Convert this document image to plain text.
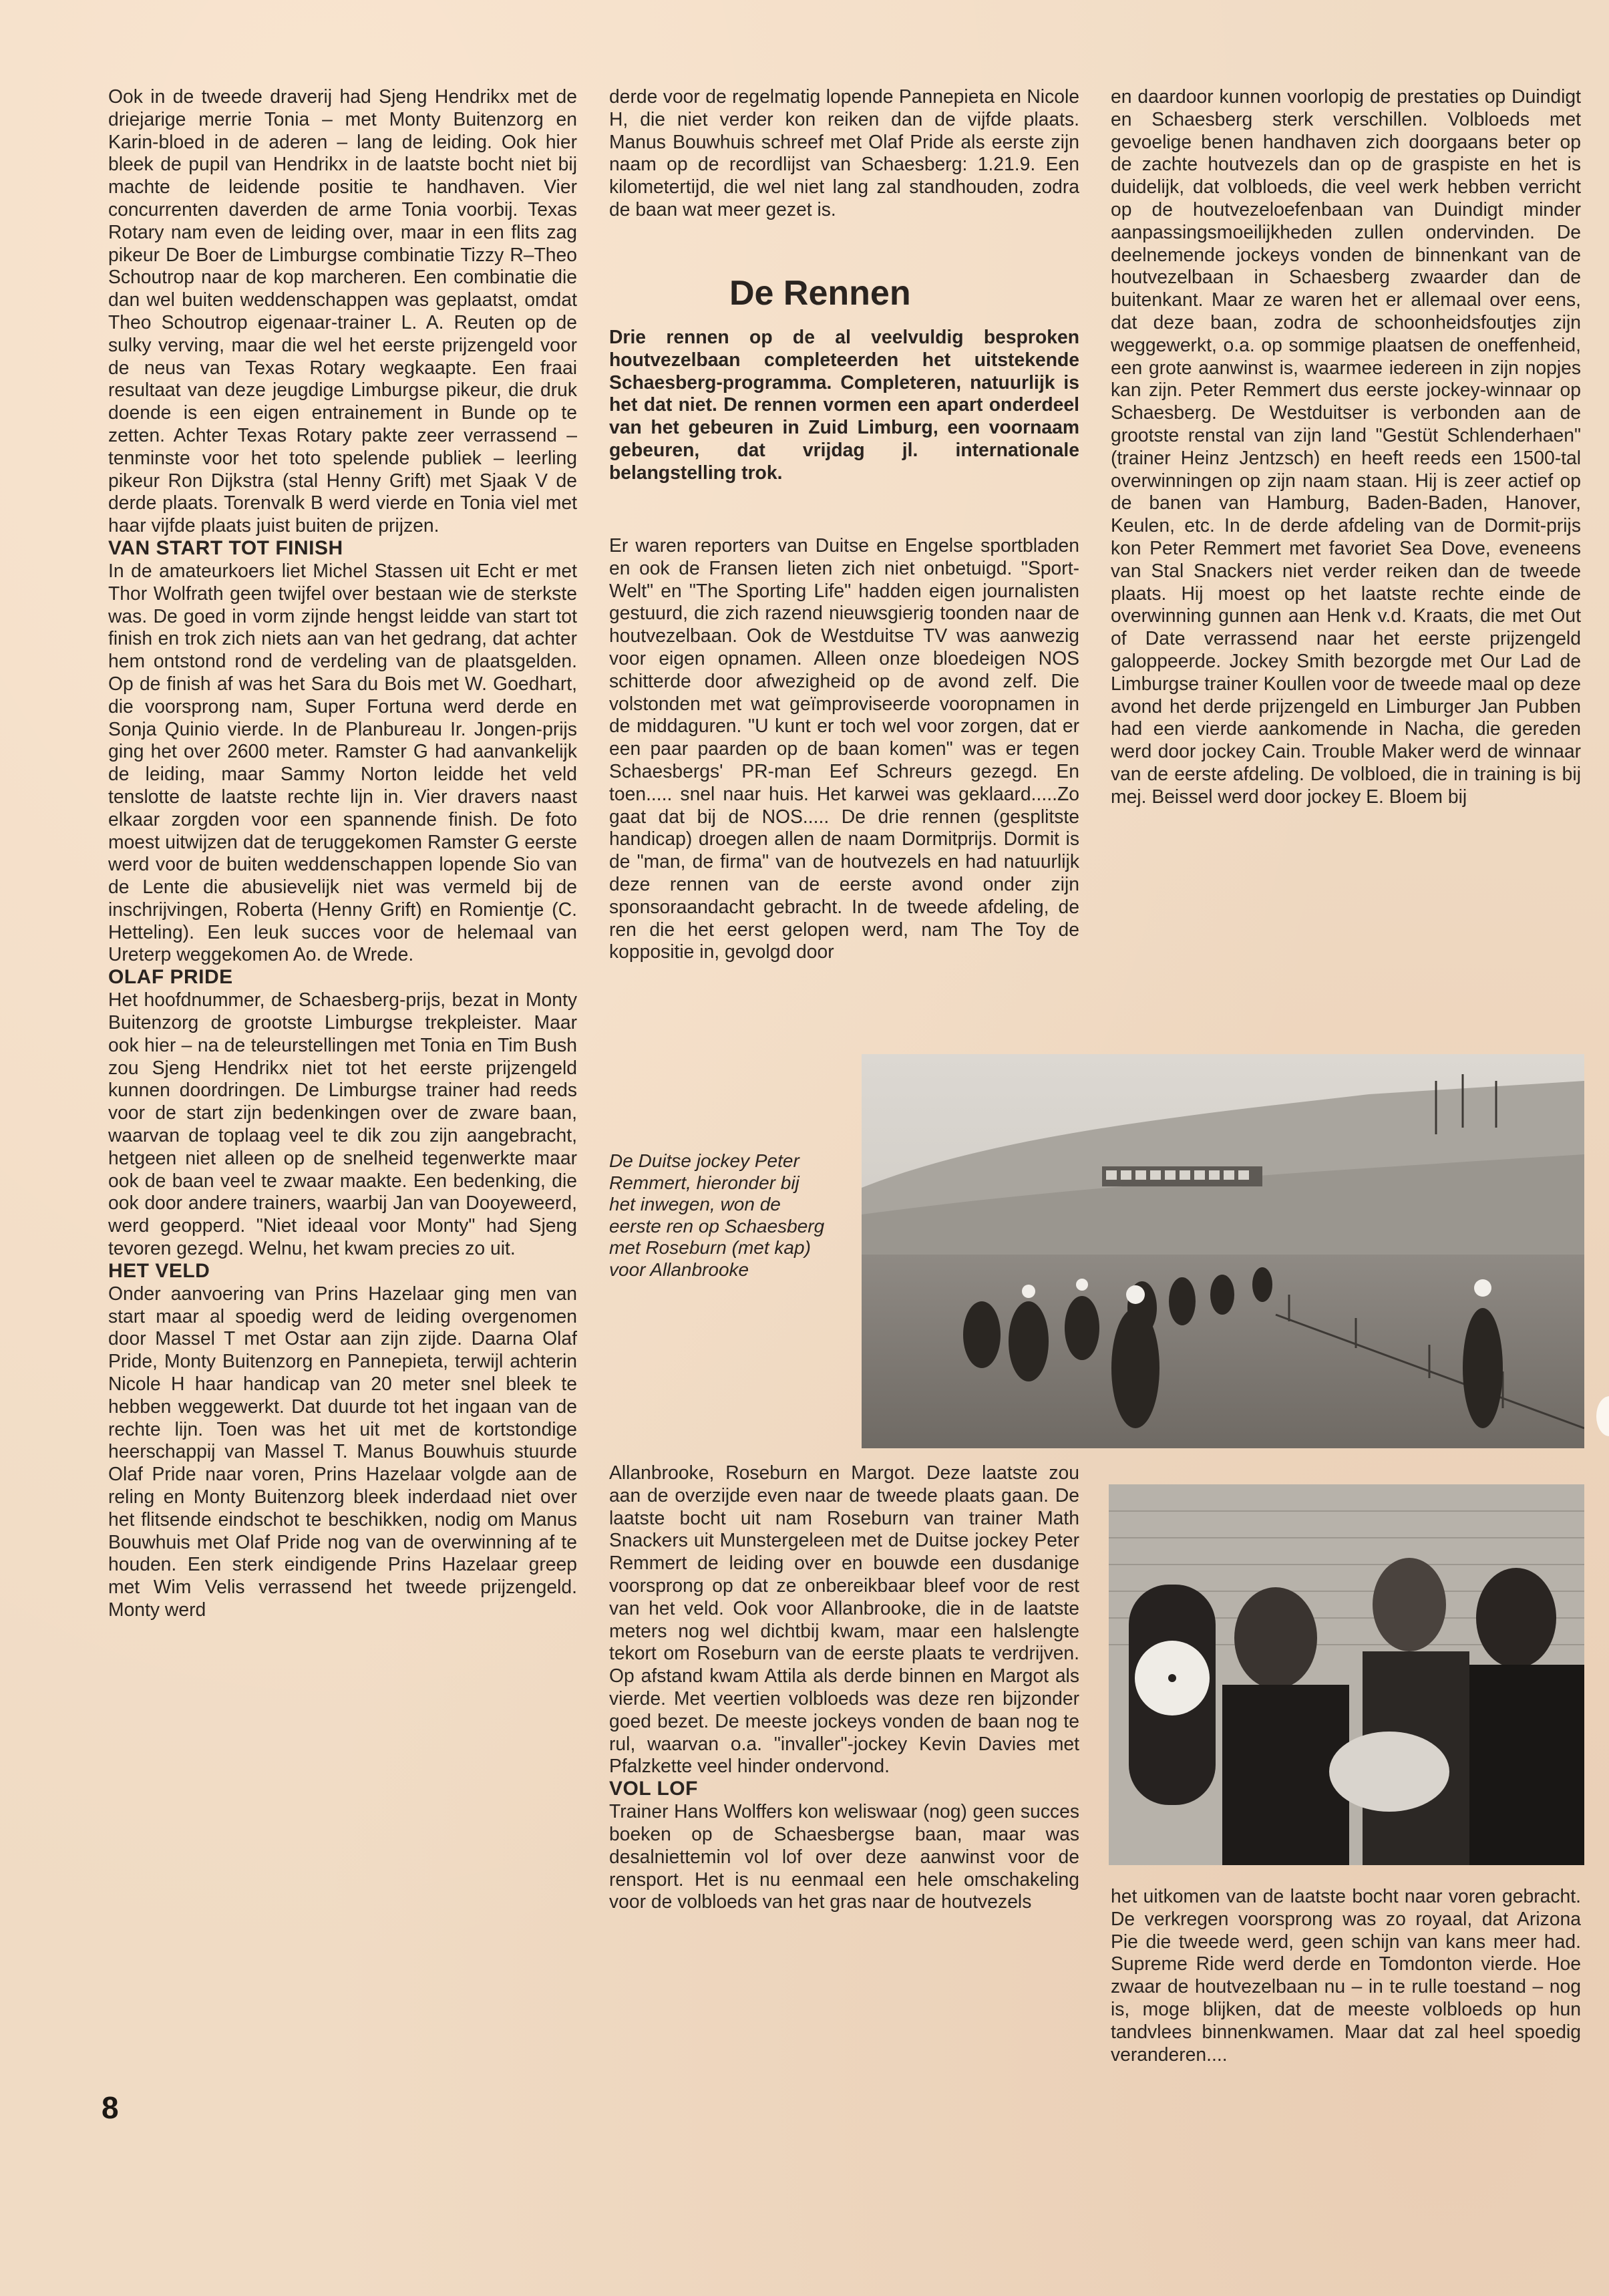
Ook in de tweede draverij had Sjeng Hendrikx met de driejarige merrie Tonia – met Monty Buitenzorg en Karin-bloed in de aderen – lang de leiding. Ook hier bleek de pupil van Hendrikx in de laatste bocht niet bij machte de leidende positie te handhaven. Vier concurrenten daverden de arme Tonia voorbij. Texas Rotary nam even de leiding over, maar in een flits zag pikeur De Boer de Limburgse combinatie Tizzy R–Theo Schoutrop naar de kop marcheren. Een combinatie die dan wel buiten weddenschappen was geplaatst, omdat Theo Schoutrop eigenaar-trainer L. A. Reuten op de sulky verving, maar die wel het eerste prijzengeld voor de neus van Texas Rotary wegkaapte. Een fraai resultaat van deze jeugdige Limburgse pikeur, die druk doende is een eigen entrainement in Bunde op te zetten. Achter Texas Rotary pakte zeer verrassend – tenminste voor het toto spelende publiek – leerling pikeur Ron Dijkstra (stal Henny Grift) met Sjaak V de derde plaats. Torenvalk B werd vierde en Tonia viel met haar vijfde plaats juist buiten de prijzen.

VAN START TOT FINISH

In de amateurkoers liet Michel Stassen uit Echt er met Thor Wolfrath geen twijfel over bestaan wie de sterkste was. De goed in vorm zijnde hengst leidde van start tot finish en trok zich niets aan van het gedrang, dat achter hem ontstond rond de verdeling van de plaatsgelden. Op de finish af was het Sara du Bois met W. Goedhart, die voorsprong nam, Super Fortuna werd derde en Sonja Quinio vierde. In de Planbureau Ir. Jongen-prijs ging het over 2600 meter. Ramster G had aanvankelijk de leiding, maar Sammy Norton leidde het veld tenslotte de laatste rechte lijn in. Vier dravers naast elkaar zorgden voor een spannende finish. De foto moest uitwijzen dat de teruggekomen Ramster G eerste werd voor de buiten weddenschappen lopende Sio van de Lente die abusievelijk niet was vermeld bij de inschrijvingen, Roberta (Henny Grift) en Romientje (C. Hetteling). Een leuk succes voor de helemaal van Ureterp weggekomen Ao. de Wrede.

OLAF PRIDE

Het hoofdnummer, de Schaesberg-prijs, bezat in Monty Buitenzorg de grootste Limburgse trekpleister. Maar ook hier – na de teleurstellingen met Tonia en Tim Bush zou Sjeng Hendrikx niet tot het eerste prijzengeld kunnen doordringen. De Limburgse trainer had reeds voor de start zijn bedenkingen over de zware baan, waarvan de toplaag veel te dik zou zijn aangebracht, hetgeen niet alleen op de snelheid tegenwerkte maar ook de baan veel te zwaar maakte. Een bedenking, die ook door andere trainers, waarbij Jan van Dooyeweerd, werd geopperd. "Niet ideaal voor Monty" had Sjeng tevoren gezegd. Welnu, het kwam precies zo uit.

HET VELD

Onder aanvoering van Prins Hazelaar ging men van start maar al spoedig werd de leiding overgenomen door Massel T met Ostar aan zijn zijde. Daarna Olaf Pride, Monty Buitenzorg en Pannepieta, terwijl achterin Nicole H haar handicap van 20 meter snel bleek te hebben weggewerkt. Dat duurde tot het ingaan van de rechte lijn. Toen was het uit met de kortstondige heerschappij van Massel T. Manus Bouwhuis stuurde Olaf Pride naar voren, Prins Hazelaar volgde aan de reling en Monty Buitenzorg bleek inderdaad niet over het flitsende eindschot te beschikken, nodig om Manus Bouwhuis met Olaf Pride nog van de overwinning af te houden. Een sterk eindigende Prins Hazelaar greep met Wim Velis verrassend het tweede prijzengeld. Monty werd

derde voor de regelmatig lopende Pannepieta en Nicole H, die niet verder kon reiken dan de vijfde plaats. Manus Bouwhuis schreef met Olaf Pride als eerste zijn naam op de recordlijst van Schaesberg: 1.21.9. Een kilometertijd, die wel niet lang zal standhouden, zodra de baan wat meer gezet is.

De Rennen
Drie rennen op de al veelvuldig besproken houtvezelbaan completeerden het uitstekende Schaesberg-programma. Completeren, natuurlijk is het dat niet. De rennen vormen een apart onderdeel van het gebeuren in Zuid Limburg, een voornaam gebeuren, dat vrijdag jl. internationale belangstelling trok.

Er waren reporters van Duitse en Engelse sportbladen en ook de Fransen lieten zich niet onbetuigd. "Sport-Welt" en "The Sporting Life" hadden eigen journalisten gestuurd, die zich razend nieuwsgierig toonden naar de houtvezelbaan. Ook de Westduitse TV was aanwezig voor eigen opnamen. Alleen onze bloedeigen NOS schitterde door afwezigheid op de avond zelf. Die volstonden met wat geïmproviseerde vooropnamen in de middaguren. "U kunt er toch wel voor zorgen, dat er een paar paarden op de baan komen" was er tegen Schaesbergs' PR-man Eef Schreurs gezegd. En toen..... snel naar huis. Het karwei was geklaard.....Zo gaat dat bij de NOS..... De drie rennen (gesplitste handicap) droegen allen de naam Dormitprijs. Dormit is de "man, de firma" van de houtvezels en had natuurlijk deze rennen van de eerste avond onder zijn sponsoraandacht gebracht. In de tweede afdeling, de ren die het eerst gelopen werd, nam The Toy de koppositie in, gevolgd door

en daardoor kunnen voorlopig de prestaties op Duindigt en Schaesberg sterk verschillen. Volbloeds met gevoelige benen handhaven zich doorgaans beter op de zachte houtvezels dan op de graspiste en het is duidelijk, dat volbloeds, die veel werk hebben verricht op de houtvezeloefenbaan van Duindigt minder aanpassingsmoeilijkheden zullen ondervinden. De deelnemende jockeys vonden de binnenkant van de houtvezelbaan in Schaesberg zwaarder dan de buitenkant. Maar ze waren het er allemaal over eens, dat deze baan, zodra de schoonheidsfoutjes zijn weggewerkt, o.a. op sommige plaatsen de oneffenheid, een grote aanwinst is, waarmee iedereen in zijn nopjes kan zijn. Peter Remmert dus eerste jockey-winnaar op Schaesberg. De Westduitser is verbonden aan de grootste renstal van zijn land "Gestüt Schlenderhaen" (trainer Heinz Jentzsch) en heeft reeds een 1500-tal overwinningen op zijn naam staan. Hij is zeer actief op de banen van Hamburg, Baden-Baden, Hanover, Keulen, etc. In de derde afdeling van de Dormit-prijs kon Peter Remmert met favoriet Sea Dove, eveneens van Stal Snackers niet verder reiken dan de tweede plaats. Hij moest op het laatste rechte einde de overwinning gunnen aan Henk v.d. Kraats, die met Out of Date verrassend naar het eerste prijzengeld galoppeerde. Jockey Smith bezorgde met Our Lad de Limburgse trainer Koullen voor de tweede maal op deze avond het derde prijzengeld en Limburger Jan Pubben had een vierde aankomende in Nacha, die gereden werd door jockey Cain. Trouble Maker werd de winnaar van de eerste afdeling. De volbloed, die in training is bij mej. Beissel werd door jockey E. Bloem bij

De Duitse jockey Peter Remmert, hieronder bij het inwegen, won de eerste ren op Schaesberg met Roseburn (met kap) voor Allanbrooke

Allanbrooke, Roseburn en Margot. Deze laatste zou aan de overzijde even naar de tweede plaats gaan. De laatste bocht uit nam Roseburn van trainer Math Snackers uit Munstergeleen met de Duitse jockey Peter Remmert de leiding over en bouwde een dusdanige voorsprong op dat ze onbereikbaar bleef voor de rest van het veld. Ook voor Allanbrooke, die in de laatste meters nog wel dichtbij kwam, maar een halslengte tekort om Roseburn van de eerste plaats te verdrijven. Op afstand kwam Attila als derde binnen en Margot als vierde. Met veertien volbloeds was deze ren bijzonder goed bezet. De meeste jockeys vonden de baan nog te rul, waarvan o.a. "invaller"-jockey Kevin Davies met Pfalzkette veel hinder ondervond.

VOL LOF

Trainer Hans Wolffers kon weliswaar (nog) geen succes boeken op de Schaesbergse baan, maar was desalniettemin vol lof over deze aanwinst voor de rensport. Het is nu eenmaal een hele omschakeling voor de volbloeds van het gras naar de houtvezels	het uitkomen van de laatste bocht naar voren gebracht. De verkregen voorsprong was zo royaal, dat Arizona Pie die tweede werd, geen schijn van kans meer had. Supreme Ride werd derde en Tomdonton vierde. Hoe zwaar de houtvezelbaan nu – in te rulle toestand – nog is, moge blijken, dat de meeste volbloeds op hun tandvlees binnenkwamen. Maar dat zal heel spoedig veranderen....

8
